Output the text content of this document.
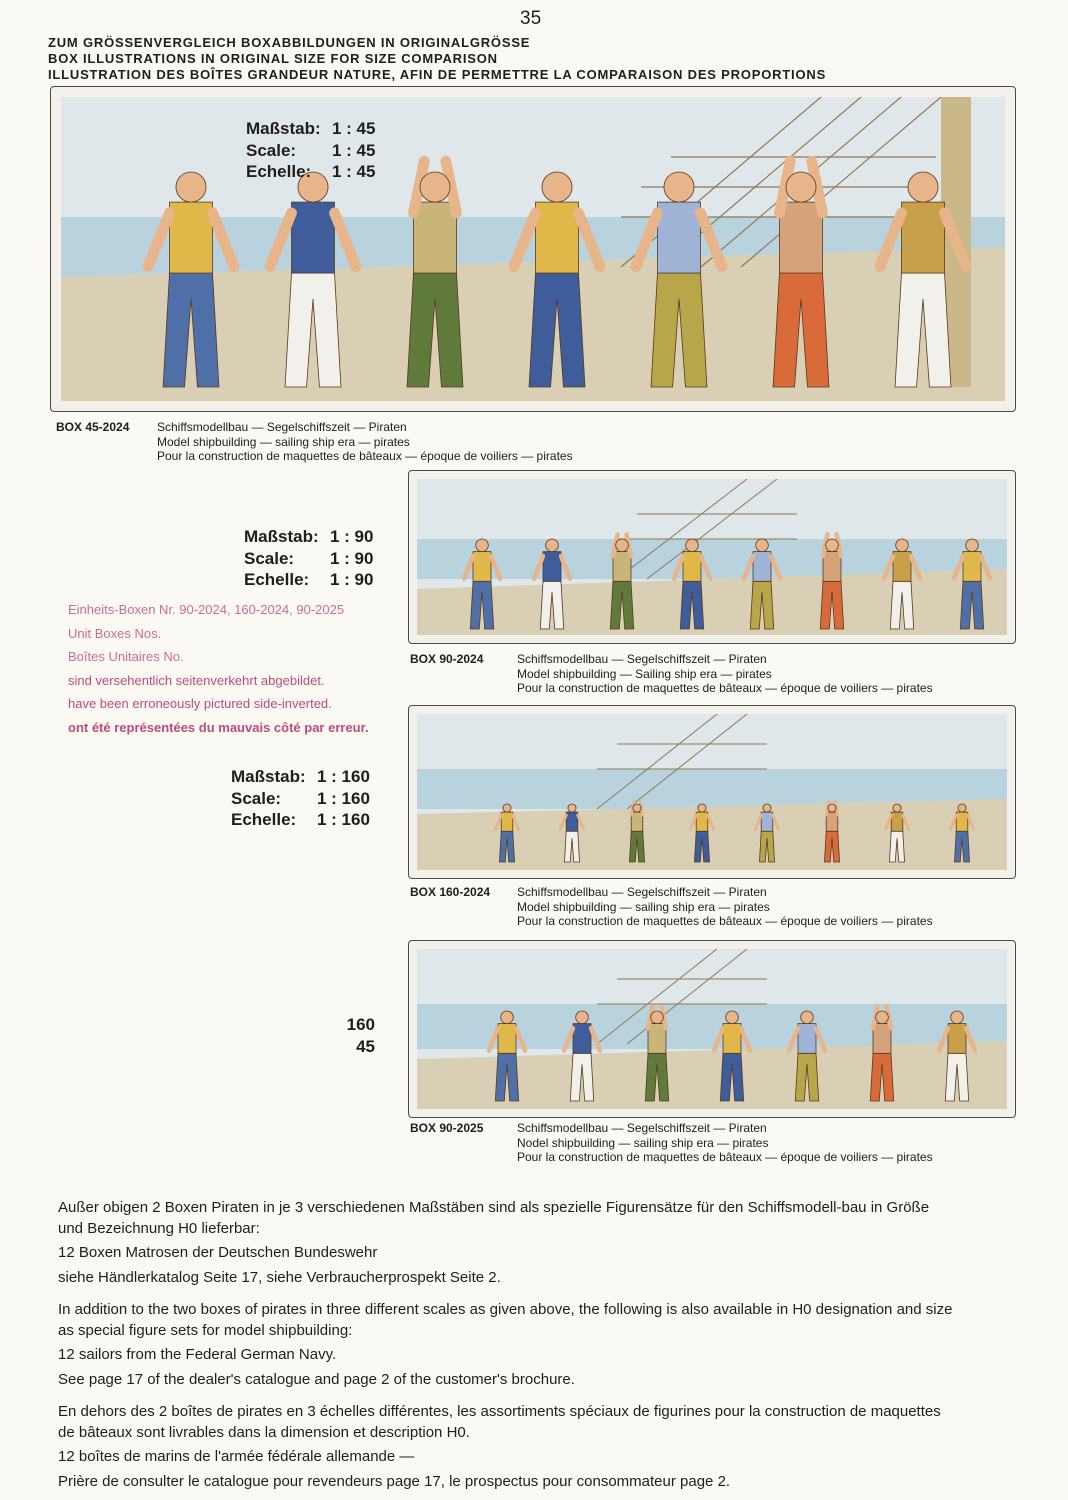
35
ZUM GRÖSSENVERGLEICH BOXABBILDUNGEN IN ORIGINALGRÖSSE
BOX ILLUSTRATIONS IN ORIGINAL SIZE FOR SIZE COMPARISON
ILLUSTRATION DES BOÎTES GRANDEUR NATURE, AFIN DE PERMETTRE LA COMPARAISON DES PROPORTIONS
Maßstab: 1 : 45
Scale:	1 : 45
Echelle:	1 : 45
BOX 45-2024 Schiffsmodellbau — Segelschiffszeit — Piraten
Model shipbuilding — sailing ship era — pirates
Pour la construction de maquettes de bâteaux — époque de voiliers — pirates
Maßstab: 1 : 90
Scale:	1 : 90
Echelle:	1 : 90
Einheits-Boxen Nr. 90-2024, 160-2024, 90-2025
Unit Boxes Nos.
Boîtes Unitaires No.
sind versehentlich seitenverkehrt abgebildet.
have been erroneously pictured side-inverted.
ont été représentées du mauvais côté par erreur.
BOX 90-2024	Schiffsmodellbau — Segelschiffszeit — Piraten
Model shipbuilding — Sailing ship era — pirates
Pour la construction de maquettes de bâteaux — époque de voiliers — pirates
Maßstab: 1 : 160
Scale:	1 : 160
Echelle:	1 : 160
BOX 160-2024 Schiffsmodellbau — Segelschiffszeit — Piraten
Model shipbuilding — sailing ship era — pirates
Pour la construction de maquettes de bâteaux — époque de voiliers — pirates
160
45
BOX 90-2025	Schiffsmodellbau — Segelschiffszeit — Piraten
Nodel shipbuilding — sailing ship era — pirates
Pour la construction de maquettes de bâteaux — époque de voiliers — pirates

Außer obigen 2 Boxen Piraten in je 3 verschiedenen Maßstäben sind als spezielle Figurensätze für den Schiffsmodell-bau in Größe und Bezeichnung H0 lieferbar:

12 Boxen Matrosen der Deutschen Bundeswehr

siehe Händlerkatalog Seite 17, siehe Verbraucherprospekt Seite 2.

In addition to the two boxes of pirates in three different scales as given above, the following is also available in H0 designation and size as special figure sets for model shipbuilding:

12 sailors from the Federal German Navy.

See page 17 of the dealer's catalogue and page 2 of the customer's brochure.

En dehors des 2 boîtes de pirates en 3 échelles différentes, les assortiments spéciaux de figurines pour la construction de maquettes de bâteaux sont livrables dans la dimension et description H0.

12 boîtes de marins de l'armée fédérale allemande —

Prière de consulter le catalogue pour revendeurs page 17, le prospectus pour consommateur page 2.
